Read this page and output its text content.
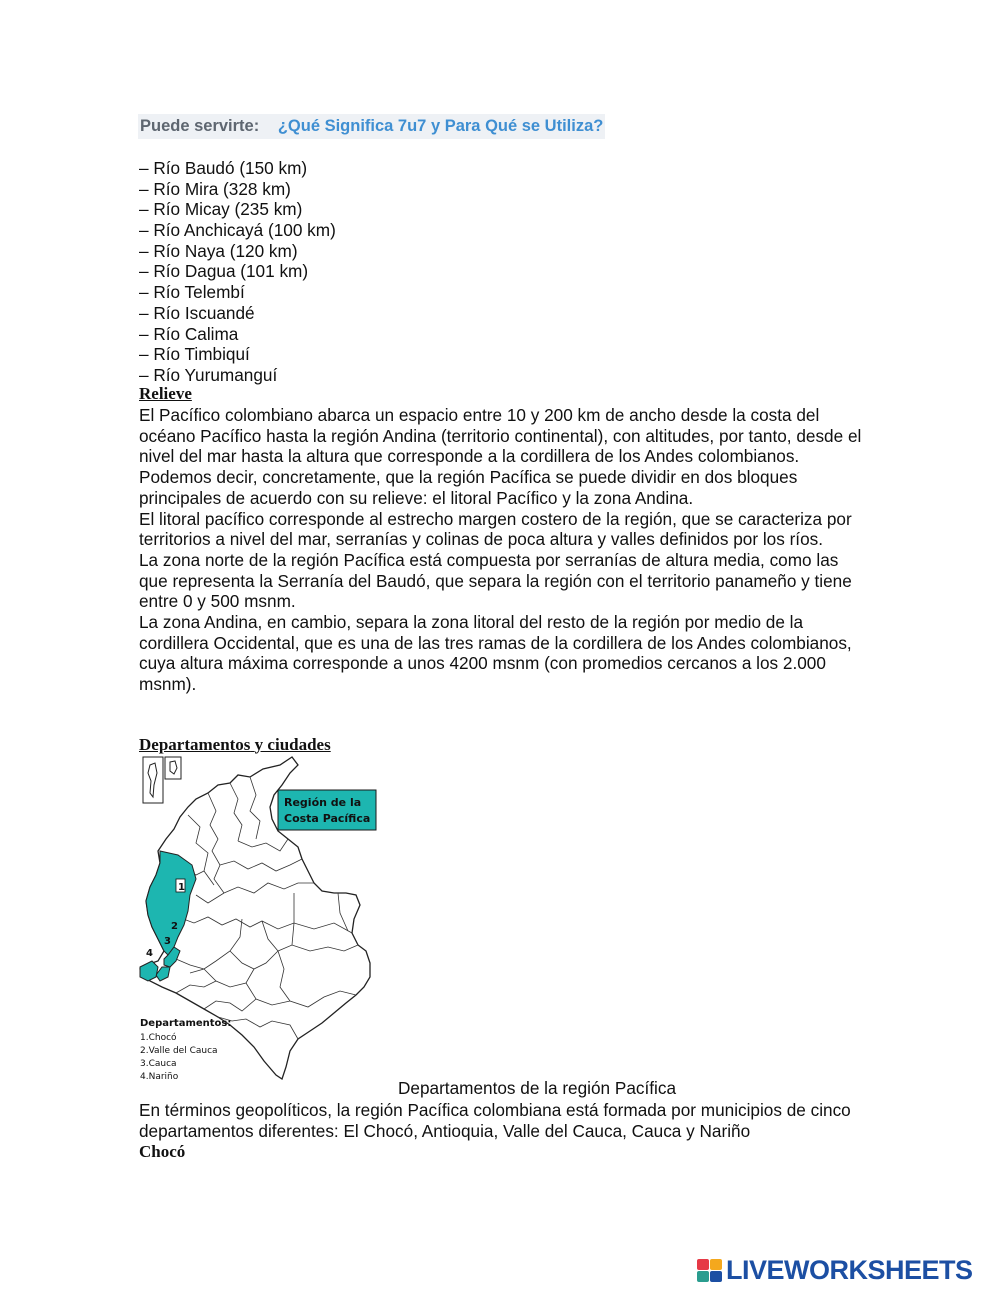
Puede servirte: ¿Qué Significa 7u7 y Para Qué se Utiliza?
– Río Baudó (150 km)
– Río Mira (328 km)
– Río Micay (235 km)
– Río Anchicayá (100 km)
– Río Naya (120 km)
– Río Dagua (101 km)
– Río Telembí
– Río Iscuandé
– Río Calima
– Río Timbiquí
– Río Yurumanguí
Relieve

El Pacífico colombiano abarca un espacio entre 10 y 200 km de ancho desde la costa del océano Pacífico hasta la región Andina (territorio continental), con altitudes, por tanto, desde el nivel del mar hasta la altura que corresponde a la cordillera de los Andes colombianos.

Podemos decir, concretamente, que la región Pacífica se puede dividir en dos bloques principales de acuerdo con su relieve: el litoral Pacífico y la zona Andina.

El litoral pacífico corresponde al estrecho margen costero de la región, que se caracteriza por territorios a nivel del mar, serranías y colinas de poca altura y valles definidos por los ríos.

La zona norte de la región Pacífica está compuesta por serranías de altura media, como las que representa la Serranía del Baudó, que separa la región con el territorio panameño y tiene entre 0 y 500 msnm.

La zona Andina, en cambio, separa la zona litoral del resto de la región por medio de la cordillera Occidental, que es una de las tres ramas de la cordillera de los Andes colombianos, cuya altura máxima corresponde a unos 4200 msnm (con promedios cercanos a los 2.000 msnm).

Departamentos y ciudades
Región de la
Costa Pacífica
1
2
3
4
Departamentos:
1.Chocó
2.Valle del Cauca
3.Cauca
4.Nariño
Departamentos de la región Pacífica

En términos geopolíticos, la región Pacífica colombiana está formada por municipios de cinco departamentos diferentes: El Chocó, Antioquia, Valle del Cauca, Cauca y Nariño

Chocó
LIVEWORKSHEETS
